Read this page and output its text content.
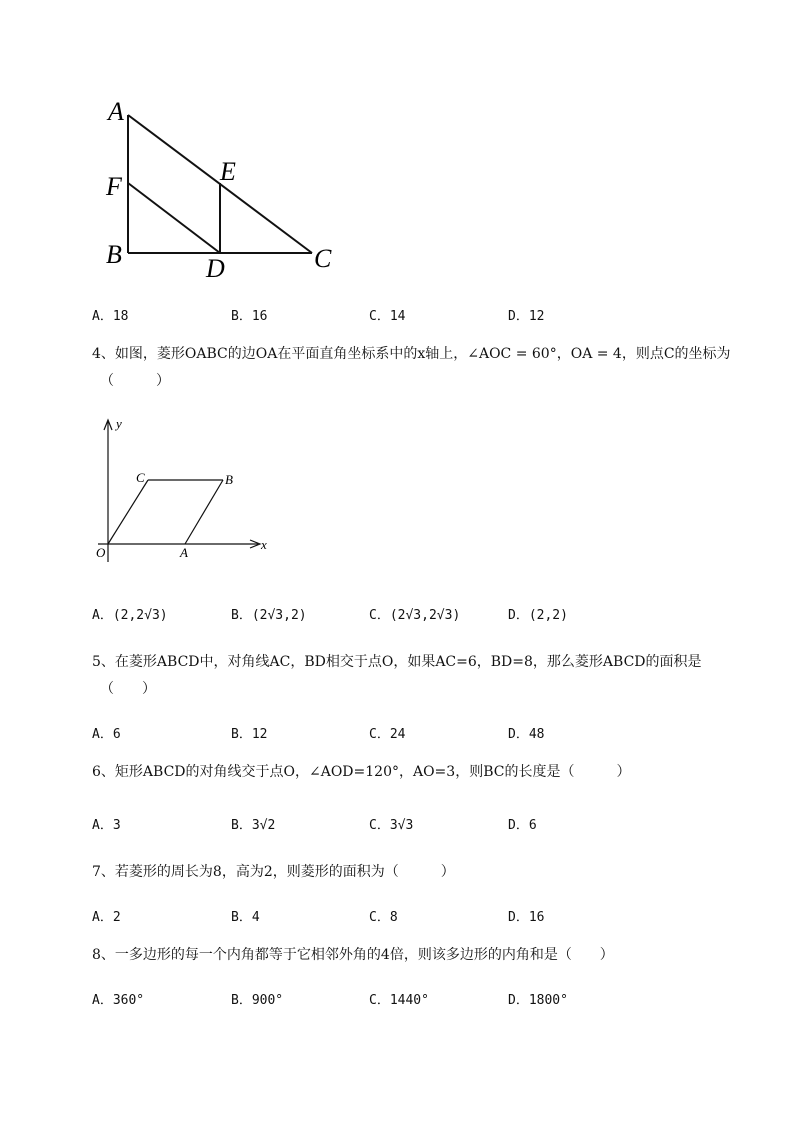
A
F
B
E
D	C
A．18	B．16	C．14	D．12
4、如图，菱形OABC的边OA在平面直角坐标系中的x轴上，∠AOC = 60°，OA = 4，则点C的坐标为
（　　　）
y
x
O	A
C	B
A．(2,2√3)	B．(2√3,2)	C．(2√3,2√3)	D．(2,2)
5、在菱形ABCD中，对角线AC，BD相交于点O，如果AC=6，BD=8，那么菱形ABCD的面积是
（　　）
A．6	B．12	C．24	D．48
6、矩形ABCD的对角线交于点O，∠AOD=120°，AO=3，则BC的长度是（　　　）
A．3	B．3√2	C．3√3	D．6
7、若菱形的周长为8，高为2，则菱形的面积为（　　　）
A．2	B．4	C．8	D．16
8、一多边形的每一个内角都等于它相邻外角的4倍，则该多边形的内角和是（　　）
A．360°	B．900°	C．1440°	D．1800°
